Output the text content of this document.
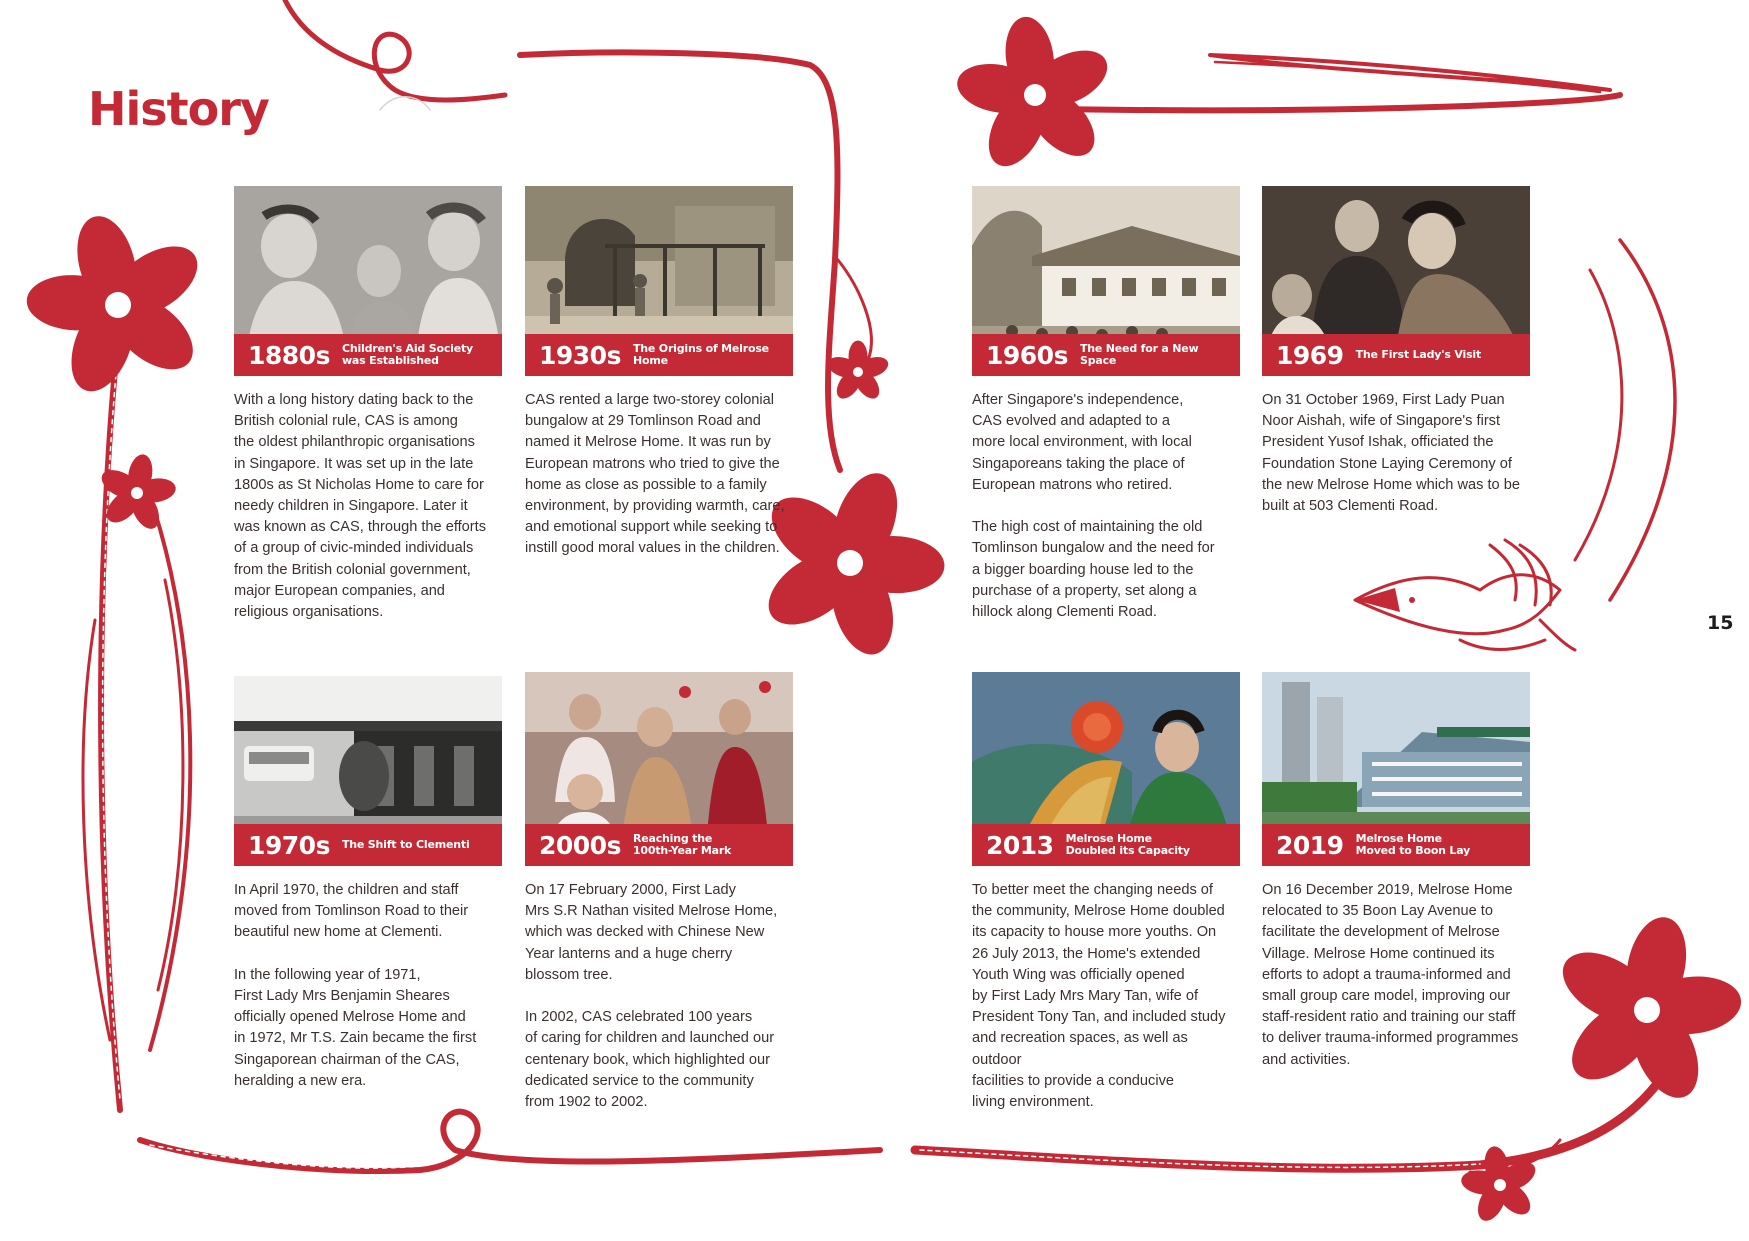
History
15
1880s Children's Aid Society
was Established
With a long history dating back to the
British colonial rule, CAS is among
the oldest philanthropic organisations
in Singapore. It was set up in the late
1800s as St Nicholas Home to care for
needy children in Singapore. Later it
was known as CAS, through the efforts
of a group of civic-minded individuals
from the British colonial government,
major European companies, and
religious organisations.
1930s The Origins of Melrose Home
CAS rented a large two-storey colonial
bungalow at 29 Tomlinson Road and
named it Melrose Home. It was run by
European matrons who tried to give the
home as close as possible to a family
environment, by providing warmth, care,
and emotional support while seeking to
instill good moral values in the children.
1960s The Need for a New Space
After Singapore's independence,
CAS evolved and adapted to a
more local environment, with local
Singaporeans taking the place of
European matrons who retired.

The high cost of maintaining the old
Tomlinson bungalow and the need for
a bigger boarding house led to the
purchase of a property, set along a
hillock along Clementi Road.
1969 The First Lady's Visit
On 31 October 1969, First Lady Puan
Noor Aishah, wife of Singapore's first
President Yusof Ishak, officiated the
Foundation Stone Laying Ceremony of
the new Melrose Home which was to be
built at 503 Clementi Road.
1970s The Shift to Clementi
In April 1970, the children and staff
moved from Tomlinson Road to their
beautiful new home at Clementi.

In the following year of 1971,
First Lady Mrs Benjamin Sheares
officially opened Melrose Home and
in 1972, Mr T.S. Zain became the first
Singaporean chairman of the CAS,
heralding a new era.
2000s Reaching the
100th-Year Mark
On 17 February 2000, First Lady
Mrs S.R Nathan visited Melrose Home,
which was decked with Chinese New
Year lanterns and a huge cherry
blossom tree.

In 2002, CAS celebrated 100 years
of caring for children and launched our
centenary book, which highlighted our
dedicated service to the community
from 1902 to 2002.
2013 Melrose Home
Doubled its Capacity
To better meet the changing needs of
the community, Melrose Home doubled
its capacity to house more youths. On
26 July 2013, the Home's extended
Youth Wing was officially opened
by First Lady Mrs Mary Tan, wife of
President Tony Tan, and included study
and recreation spaces, as well as outdoor
facilities to provide a conducive
living environment.
2019 Melrose Home
Moved to Boon Lay
On 16 December 2019, Melrose Home
relocated to 35 Boon Lay Avenue to
facilitate the development of Melrose
Village. Melrose Home continued its
efforts to adopt a trauma-informed and
small group care model, improving our
staff-resident ratio and training our staff
to deliver trauma-informed programmes
and activities.
